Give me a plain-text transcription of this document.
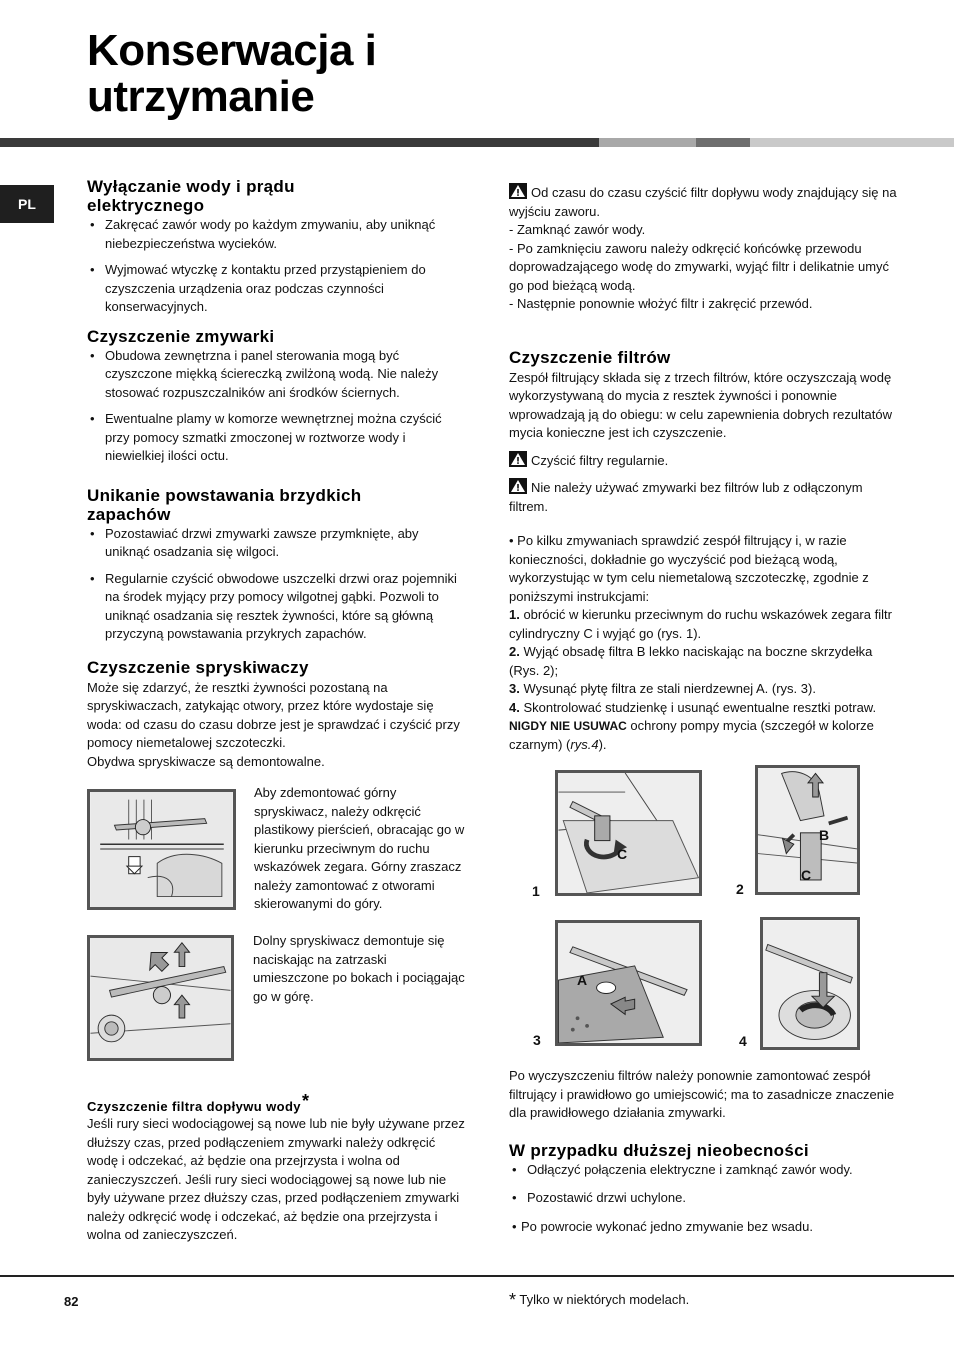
Konserwacja i
utrzymanie
PL
Wyłączanie wody i prądu
elektrycznego
• Zakręcać zawór wody po każdym zmywaniu, aby uniknąć niebezpieczeństwa wycieków.
• Wyjmować wtyczkę z kontaktu przed przystąpieniem do czyszczenia urządzenia oraz podczas czynności konserwacyjnych.
Czyszczenie zmywarki
• Obudowa zewnętrzna i panel sterowania mogą być czyszczone miękką ściereczką zwilżoną wodą. Nie należy stosować rozpuszczalników ani środków ściernych.
• Ewentualne plamy w komorze wewnętrznej można czyścić przy pomocy szmatki zmoczonej w roztworze wody i niewielkiej ilości octu.
Unikanie powstawania brzydkich
zapachów
• Pozostawiać drzwi zmywarki zawsze przymknięte, aby uniknąć osadzania się wilgoci.
• Regularnie czyścić obwodowe uszczelki drzwi oraz pojemniki na środek myjący przy pomocy wilgotnej gąbki. Pozwoli to uniknąć osadzania się resztek żywności, które są główną przyczyną powstawania przykrych zapachów.
Czyszczenie spryskiwaczy

Może się zdarzyć, że resztki żywności pozostaną na spryskiwaczach, zatykając otwory, przez które wydostaje się woda: od czasu do czasu dobrze jest je sprawdzać i czyścić przy pomocy niemetalowej szczoteczki.

Obydwa spryskiwacze są demontowalne.

Aby zdemontować górny spryskiwacz, należy odkręcić plastikowy pierścień, obracając go w kierunku przeciwnym do ruchu wskazówek zegara. Górny zraszacz należy zamontować z otworami skierowanymi do góry.

Dolny spryskiwacz demontuje się naciskając na zatrzaski umieszczone po bokach i pociągając go w górę.

Czyszczenie filtra dopływu wody*

Jeśli rury sieci wodociągowej są nowe lub nie były używane przez dłuższy czas, przed podłączeniem zmywarki należy odkręcić wodę i odczekać, aż będzie ona przejrzysta i wolna od zanieczyszczeń. Jeśli rury sieci wodociągowej są nowe lub nie były używane przez dłuższy czas, przed podłączeniem zmywarki należy odkręcić wodę i odczekać, aż będzie ona przejrzysta i wolna od zanieczyszczeń.

Od czasu do czasu czyścić filtr dopływu wody znajdujący się na wyjściu zaworu.

- Zamknąć zawór wody.

- Po zamknięciu zaworu należy odkręcić końcówkę przewodu doprowadzającego wodę do zmywarki, wyjąć filtr i delikatnie umyć go pod bieżącą wodą.

- Następnie ponownie włożyć filtr i zakręcić przewód.

Czyszczenie filtrów

Zespół filtrujący składa się z trzech filtrów, które oczyszczają wodę wykorzystywaną do mycia z resztek żywności i ponownie wprowadzają ją do obiegu: w celu zapewnienia dobrych rezultatów mycia konieczne jest ich czyszczenie.

Czyścić filtry regularnie.

Nie należy używać zmywarki bez filtrów lub z odłączonym filtrem.

• Po kilku zmywaniach sprawdzić zespół filtrujący i, w razie konieczności, dokładnie go wyczyścić pod bieżącą wodą, wykorzystując w tym celu niemetalową szczoteczkę, zgodnie z poniższymi instrukcjami:

1. obrócić w kierunku przeciwnym do ruchu wskazówek zegara filtr cylindryczny C i wyjąć go (rys. 1).

2. Wyjąć obsadę filtra B lekko naciskając na boczne skrzydełka (Rys. 2);

3. Wysunąć płytę filtra ze stali nierdzewnej A. (rys. 3).

4. Skontrolować studzienkę i usunąć ewentualne resztki potraw.

NIGDY NIE USUWAC ochrony pompy mycia (szczegół w kolorze czarnym) (rys.4).

C
B
C
A
1	2
3	4

Po wyczyszczeniu filtrów należy ponownie zamontować zespół filtrujący i prawidłowo go umiejscowić; ma to zasadnicze znaczenie dla prawidłowego działania zmywarki.

W przypadku dłuższej nieobecności
• Odłączyć połączenia elektryczne i zamknąć zawór wody.
• Pozostawić drzwi uchylone.
• Po powrocie wykonać jedno zmywanie bez wsadu.
82	* Tylko w niektórych modelach.
